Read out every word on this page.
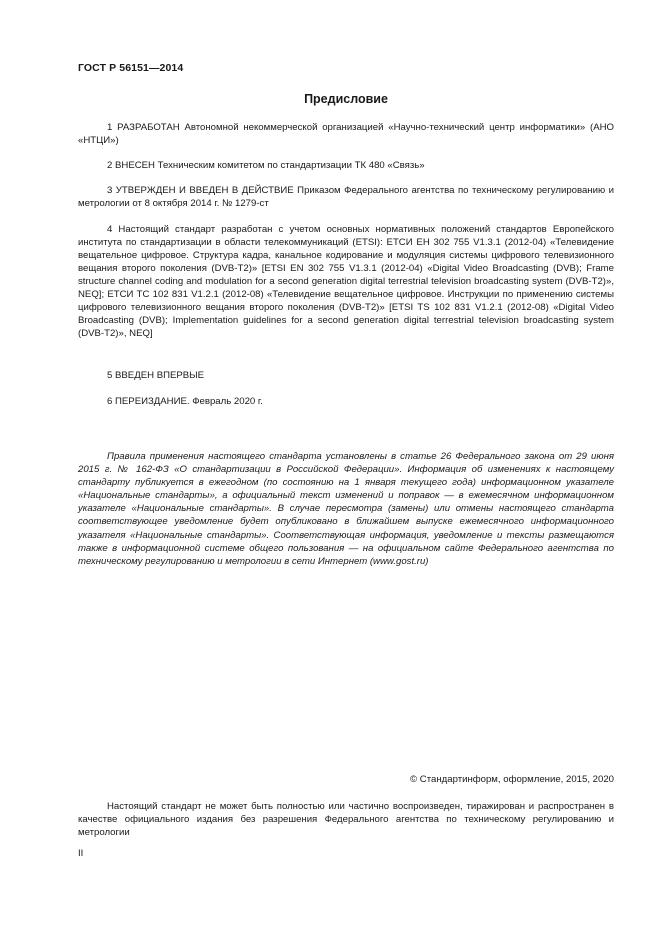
ГОСТ Р 56151—2014
Предисловие

1 РАЗРАБОТАН Автономной некоммерческой организацией «Научно-технический центр информатики» (АНО «НТЦИ»)

2 ВНЕСЕН Техническим комитетом по стандартизации ТК 480 «Связь»

3 УТВЕРЖДЕН И ВВЕДЕН В ДЕЙСТВИЕ Приказом Федерального агентства по техническому регулированию и метрологии от 8 октября 2014 г. № 1279-ст

4 Настоящий стандарт разработан с учетом основных нормативных положений стандартов Европейского института по стандартизации в области телекоммуникаций (ETSI): ЕТСИ ЕН 302 755 V1.3.1 (2012-04) «Телевидение вещательное цифровое. Структура кадра, канальное кодирование и модуляция системы цифрового телевизионного вещания второго поколения (DVB-T2)» [ETSI EN 302 755 V1.3.1 (2012-04) «Digital Video Broadcasting (DVB); Frame structure channel coding and modulation for a second generation digital terrestrial television broadcasting system (DVB-T2)», NEQ]; ЕТСИ ТС 102 831 V1.2.1 (2012-08) «Телевидение вещательное цифровое. Инструкции по применению системы цифрового телевизионного вещания второго поколения (DVB-T2)» [ETSI TS 102 831 V1.2.1 (2012-08) «Digital Video Broadcasting (DVB); Implementation guidelines for a second generation digital terrestrial television broadcasting system (DVB-T2)», NEQ]

5 ВВЕДЕН ВПЕРВЫЕ

6 ПЕРЕИЗДАНИЕ. Февраль 2020 г.

Правила применения настоящего стандарта установлены в статье 26 Федерального закона от 29 июня 2015 г. № 162-ФЗ «О стандартизации в Российской Федерации». Информация об изменениях к настоящему стандарту публикуется в ежегодном (по состоянию на 1 января текущего года) информационном указателе «Национальные стандарты», а официальный текст изменений и поправок — в ежемесячном информационном указателе «Национальные стандарты». В случае пересмотра (замены) или отмены настоящего стандарта соответствующее уведомление будет опубликовано в ближайшем выпуске ежемесячного информационного указателя «Национальные стандарты». Соответствующая информация, уведомление и тексты размещаются также в информационной системе общего пользования — на официальном сайте Федерального агентства по техническому регулированию и метрологии в сети Интернет (www.gost.ru)

© Стандартинформ, оформление, 2015, 2020

Настоящий стандарт не может быть полностью или частично воспроизведен, тиражирован и распространен в качестве официального издания без разрешения Федерального агентства по техническому регулированию и метрологии

II
